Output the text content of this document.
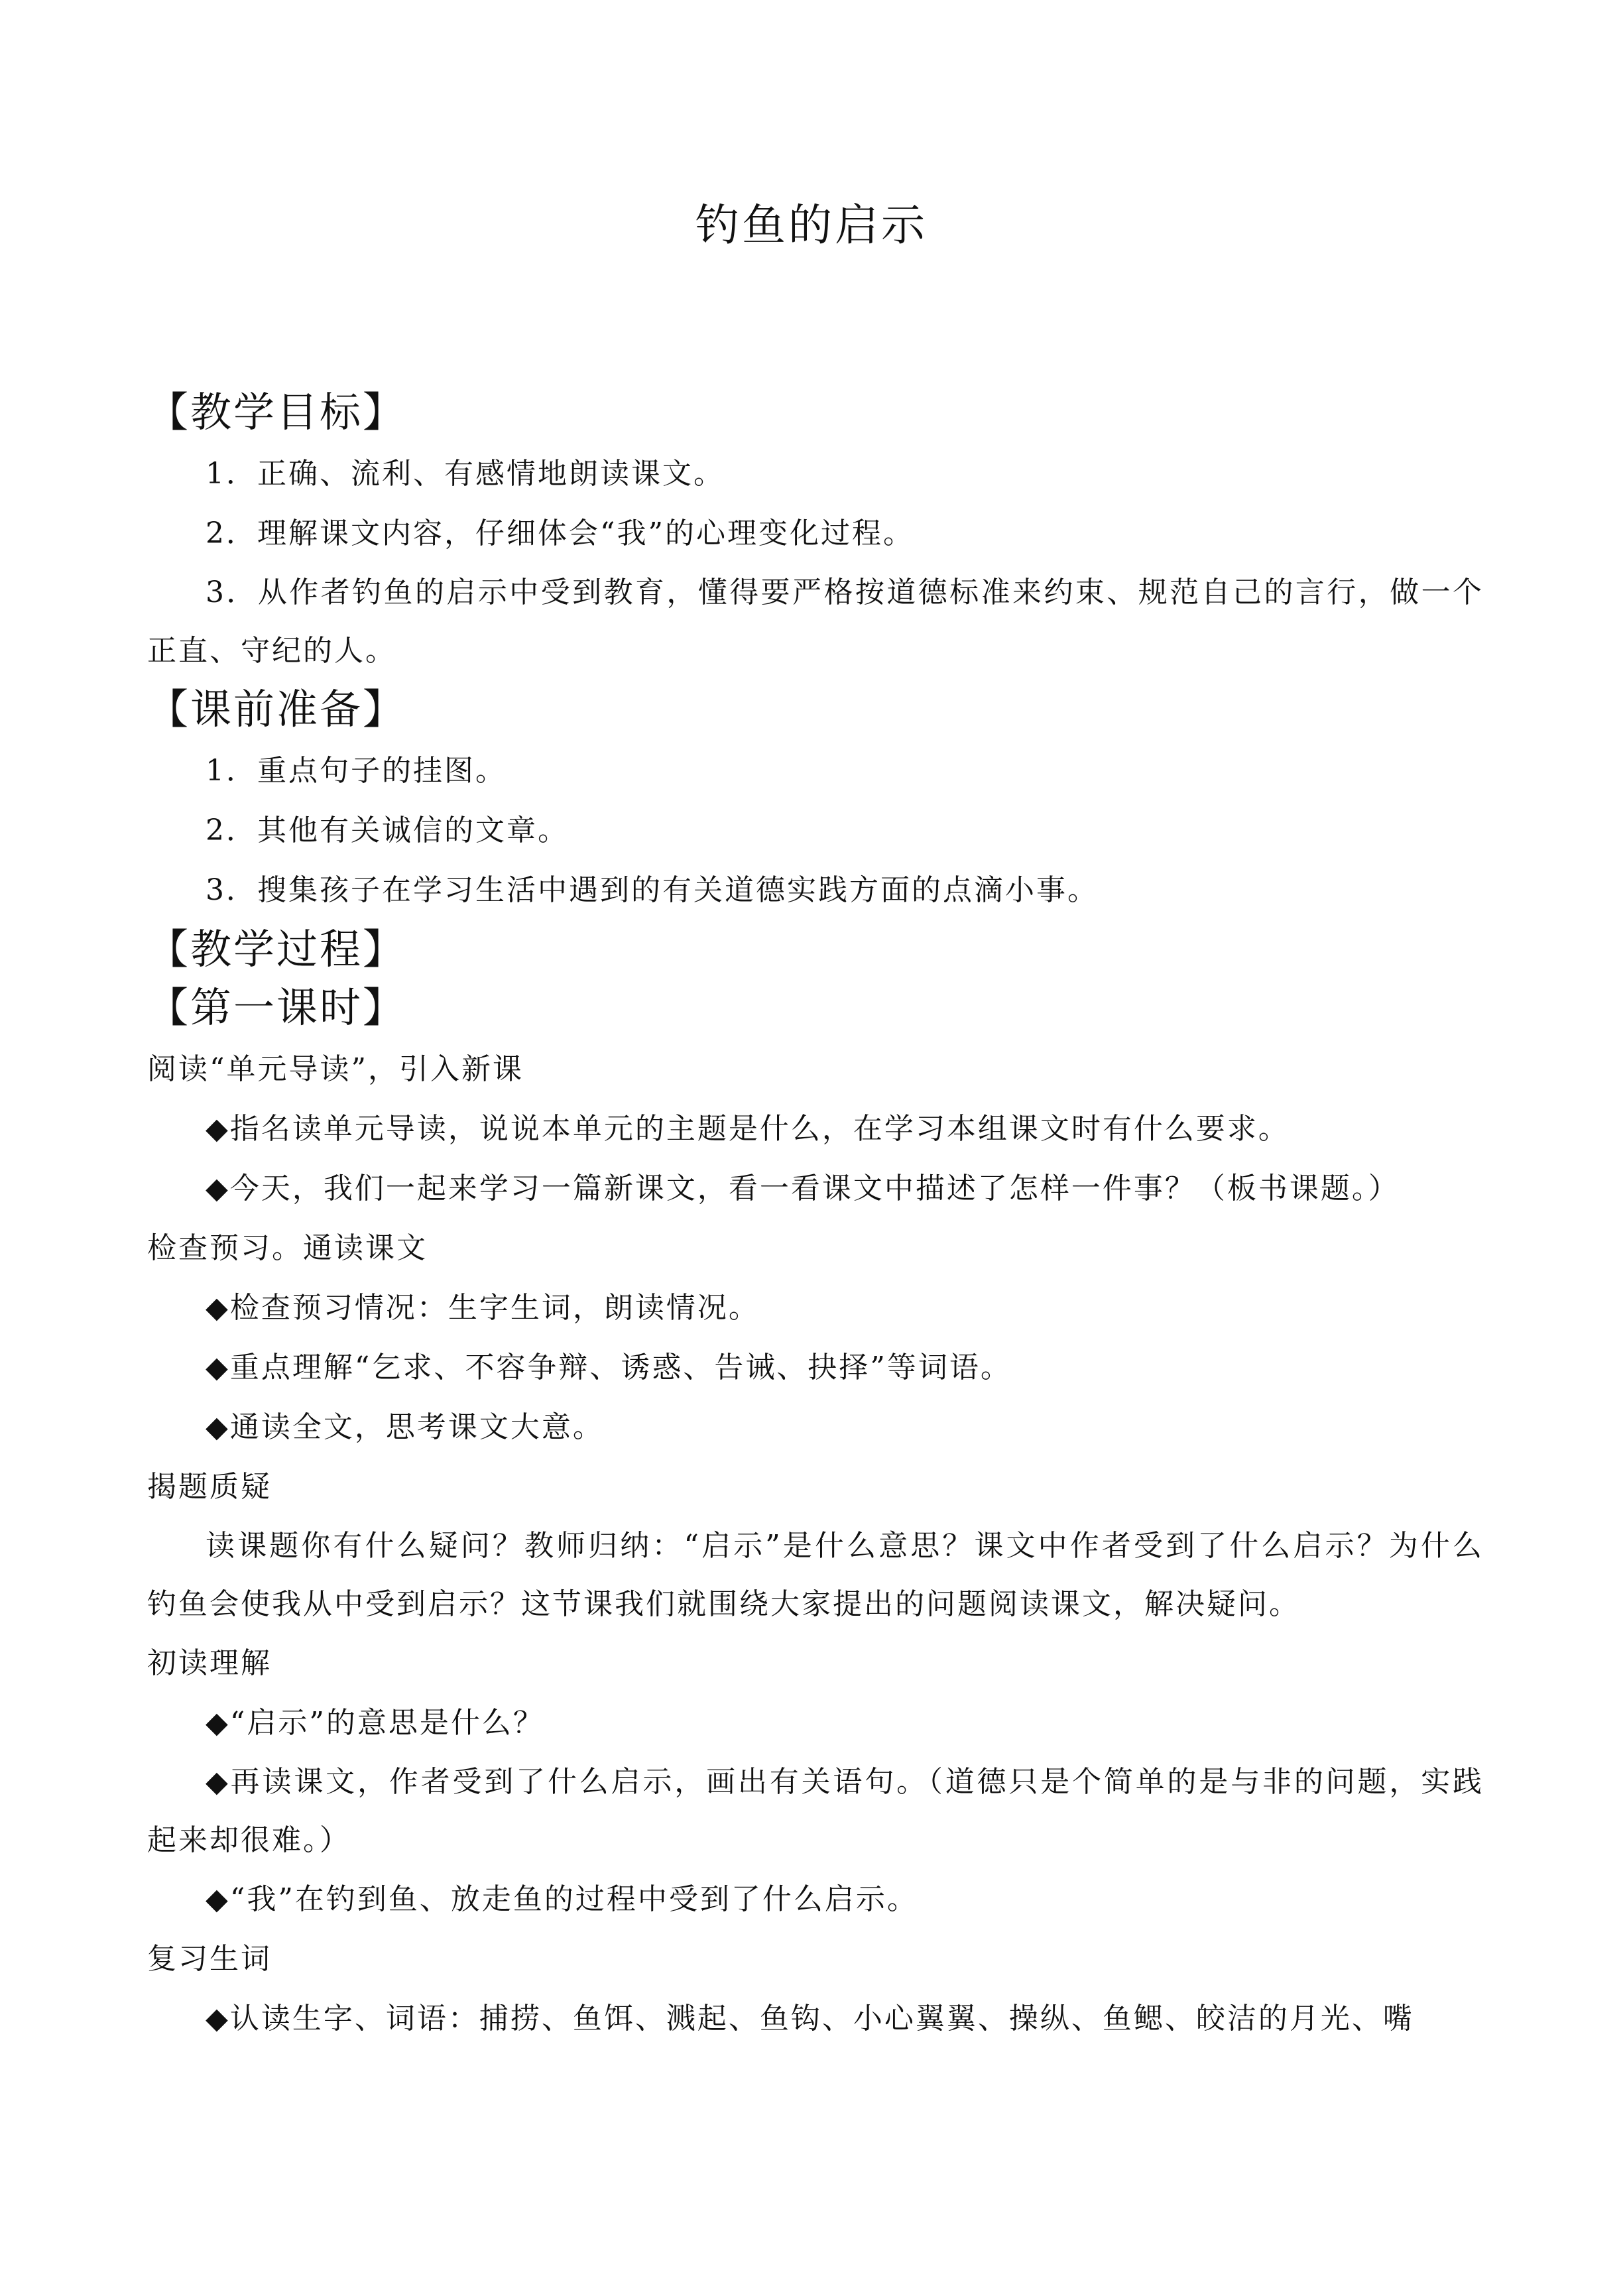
钓鱼的启示

【教学目标】

1．正确、流利、有感情地朗读课文。

2．理解课文内容，仔细体会“我”的心理变化过程。

3．从作者钓鱼的启示中受到教育，懂得要严格按道德标准来约束、规范自己的言行，做一个正直、守纪的人。

【课前准备】

1．重点句子的挂图。

2．其他有关诚信的文章。

3．搜集孩子在学习生活中遇到的有关道德实践方面的点滴小事。

【教学过程】

【第一课时】

阅读“单元导读”，引入新课

◆指名读单元导读，说说本单元的主题是什么，在学习本组课文时有什么要求。

◆今天，我们一起来学习一篇新课文，看一看课文中描述了怎样一件事？（板书课题。）

检查预习。通读课文

◆检查预习情况：生字生词，朗读情况。

◆重点理解“乞求、不容争辩、诱惑、告诫、抉择”等词语。

◆通读全文，思考课文大意。

揭题质疑

读课题你有什么疑问？教师归纳：“启示”是什么意思？课文中作者受到了什么启示？为什么钓鱼会使我从中受到启示？这节课我们就围绕大家提出的问题阅读课文，解决疑问。

初读理解

◆“启示”的意思是什么？

◆再读课文，作者受到了什么启示，画出有关语句。（道德只是个简单的是与非的问题，实践起来却很难。）

◆“我”在钓到鱼、放走鱼的过程中受到了什么启示。

复习生词

◆认读生字、词语：捕捞、鱼饵、溅起、鱼钩、小心翼翼、操纵、鱼鳃、皎洁的月光、嘴
